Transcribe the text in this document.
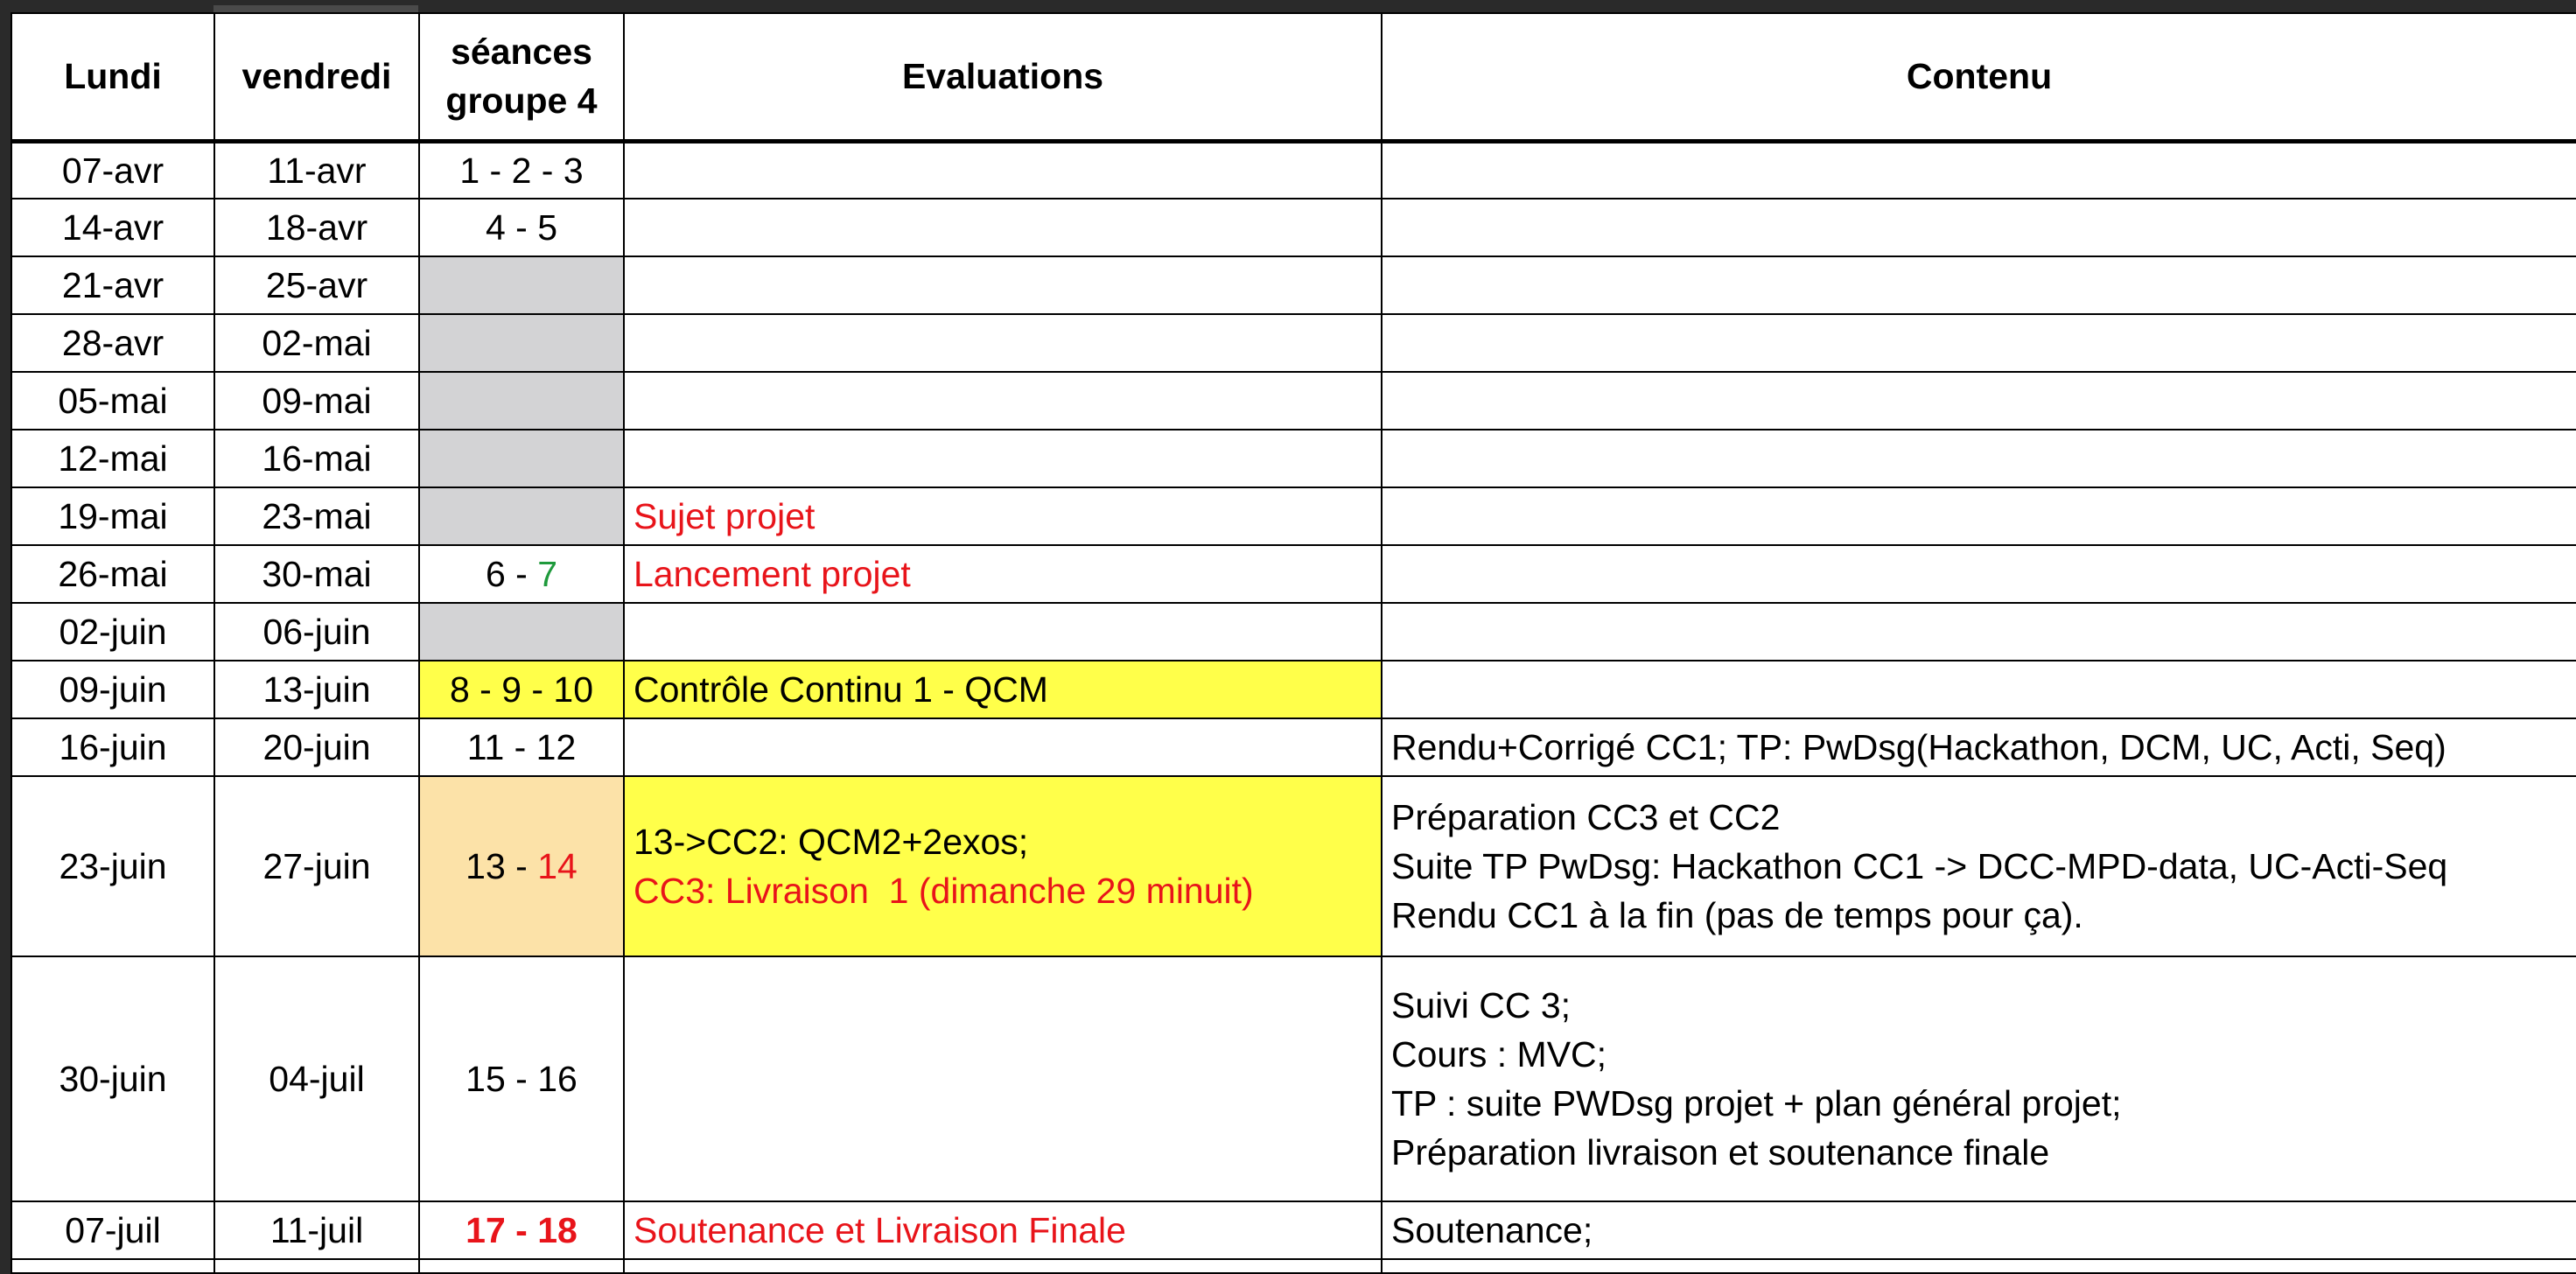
Lundi	vendredi	séances
groupe 4	Evaluations	Contenu
07-avr	11-avr	1 - 2 - 3		
14-avr	18-avr	4 - 5		
21-avr	25-avr			
28-avr	02-mai			
05-mai	09-mai			
12-mai	16-mai			
19-mai	23-mai		Sujet projet	
26-mai	30-mai	6 - 7	Lancement projet	
02-juin	06-juin			
09-juin	13-juin	8 - 9 - 10	Contrôle Continu 1 - QCM	
16-juin	20-juin	11 - 12		Rendu+Corrigé CC1; TP: PwDsg(Hackathon, DCM, UC, Acti, Seq)
23-juin	27-juin	13 - 14	13->CC2: QCM2+2exos;
CC3: Livraison  1 (dimanche 29 minuit)	Préparation CC3 et CC2
Suite TP PwDsg: Hackathon CC1 -> DCC-MPD-data, UC-Acti-Seq
Rendu CC1 à la fin (pas de temps pour ça).

30-juin	04-juil	15 - 16		Suivi CC 3;
Cours : MVC;
TP : suite PWDsg projet + plan général projet;
Préparation livraison et soutenance finale

07-juil	11-juil	17 - 18	Soutenance et Livraison Finale	Soutenance;
